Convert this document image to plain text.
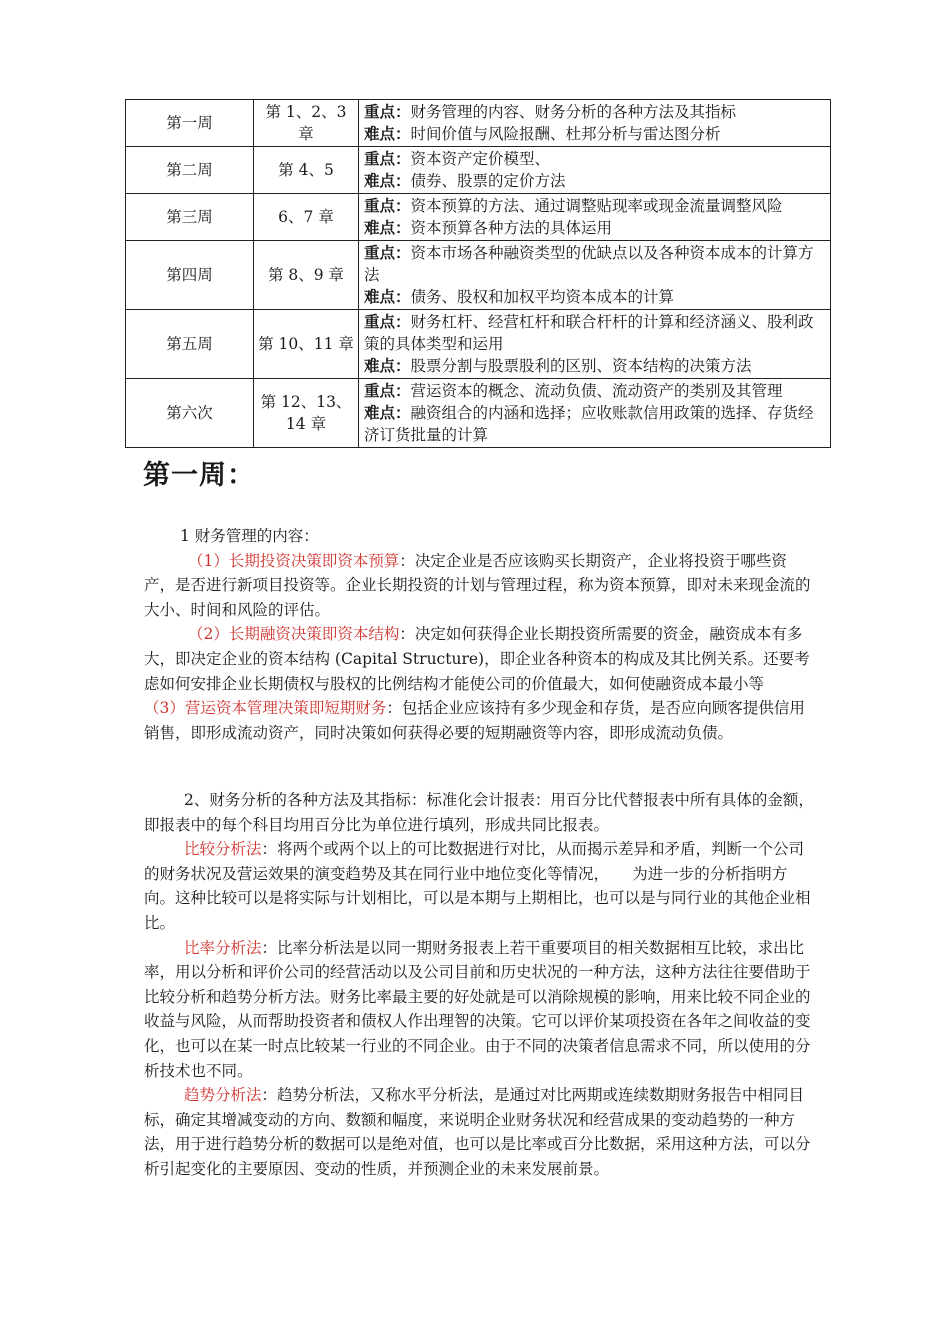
第一周	第 1、2、3 章	重点：财务管理的内容、财务分析的各种方法及其指标
难点：时间价值与风险报酬、杜邦分析与雷达图分析

第二周	第 4、5	重点：资本资产定价模型、
难点：债券、股票的定价方法

第三周	6、7 章	重点：资本预算的方法、通过调整贴现率或现金流量调整风险
难点：资本预算各种方法的具体运用

第四周	第 8、9 章	重点：资本市场各种融资类型的优缺点以及各种资本成本的计算方法
难点：债务、股权和加权平均资本成本的计算

第五周	第 10、11 章	重点：财务杠杆、经营杠杆和联合杆杆的计算和经济涵义、股利政策的具体类型和运用
难点：股票分割与股票股利的区别、资本结构的决策方法

第六次	第 12、13、14 章	重点：营运资本的概念、流动负债、流动资产的类别及其管理
难点：融资组合的内涵和选择；应收账款信用政策的选择、存货经济订货批量的计算
第一周：

1 财务管理的内容：

（1）长期投资决策即资本预算：决定企业是否应该购买长期资产，企业将投资于哪些资产，是否进行新项目投资等。企业长期投资的计划与管理过程，称为资本预算，即对未来现金流的大小、时间和风险的评估。

（2）长期融资决策即资本结构：决定如何获得企业长期投资所需要的资金，融资成本有多大，即决定企业的资本结构 (Capital Structure)，即企业各种资本的构成及其比例关系。还要考虑如何安排企业长期债权与股权的比例结构才能使公司的价值最大，如何使融资成本最小等

（3）营运资本管理决策即短期财务：包括企业应该持有多少现金和存货，是否应向顾客提供信用销售，即形成流动资产，同时决策如何获得必要的短期融资等内容，即形成流动负债。

2、财务分析的各种方法及其指标：标准化会计报表：用百分比代替报表中所有具体的金额，即报表中的每个科目均用百分比为单位进行填列，形成共同比报表。

比较分析法：将两个或两个以上的可比数据进行对比，从而揭示差异和矛盾，判断一个公司的财务状况及营运效果的演变趋势及其在同行业中地位变化等情况，　　为进一步的分析指明方向。这种比较可以是将实际与计划相比，可以是本期与上期相比，也可以是与同行业的其他企业相比。

比率分析法：比率分析法是以同一期财务报表上若干重要项目的相关数据相互比较，求出比率，用以分析和评价公司的经营活动以及公司目前和历史状况的一种方法，这种方法往往要借助于比较分析和趋势分析方法。财务比率最主要的好处就是可以消除规模的影响，用来比较不同企业的收益与风险，从而帮助投资者和债权人作出理智的决策。它可以评价某项投资在各年之间收益的变化，也可以在某一时点比较某一行业的不同企业。由于不同的决策者信息需求不同，所以使用的分析技术也不同。

趋势分析法：趋势分析法，又称水平分析法，是通过对比两期或连续数期财务报告中相同目标，确定其增减变动的方向、数额和幅度，来说明企业财务状况和经营成果的变动趋势的一种方法，用于进行趋势分析的数据可以是绝对值，也可以是比率或百分比数据，采用这种方法，可以分析引起变化的主要原因、变动的性质，并预测企业的未来发展前景。
